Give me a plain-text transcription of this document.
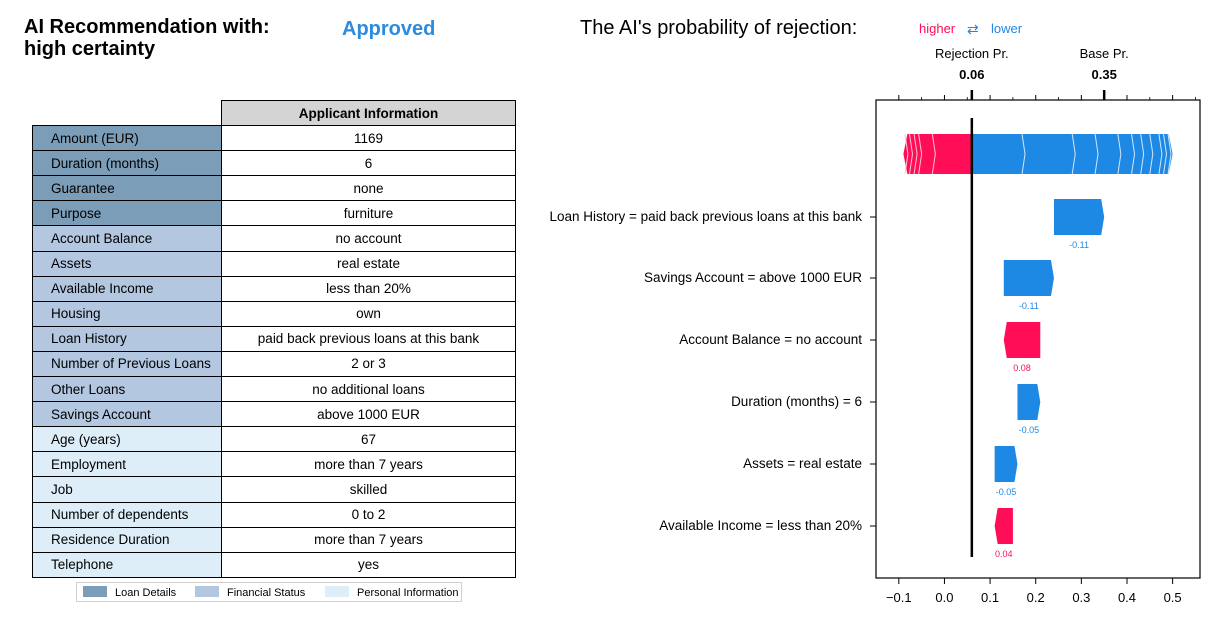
AI Recommendation with high certainty
:	Approved	The AI's probability of rejection:
	Applicant Information
Amount (EUR)	1169
Duration (months)	6
Guarantee	none
Purpose	furniture
Account Balance	no account
Assets	real estate
Available Income	less than 20%
Housing	own
Loan History	paid back previous loans at this bank
Number of Previous Loans	2 or 3
Other Loans	no additional loans
Savings Account	above 1000 EUR
Age (years)	67
Employment	more than 7 years
Job	skilled
Number of dependents	0 to 2
Residence Duration	more than 7 years
Telephone	yes
Loan Details	Financial Status	Personal Information
higher ⇄ lower
−0.1 0.0 0.1 0.2 0.3 0.4 0.5
Rejection Pr.
0.06
Base Pr.
0.35
-0.11
Loan History = paid back previous loans at this bank
-0.11
Savings Account = above 1000 EUR
0.08
Account Balance = no account
-0.05
Duration (months) = 6
-0.05
Assets = real estate
0.04
Available Income = less than 20%
